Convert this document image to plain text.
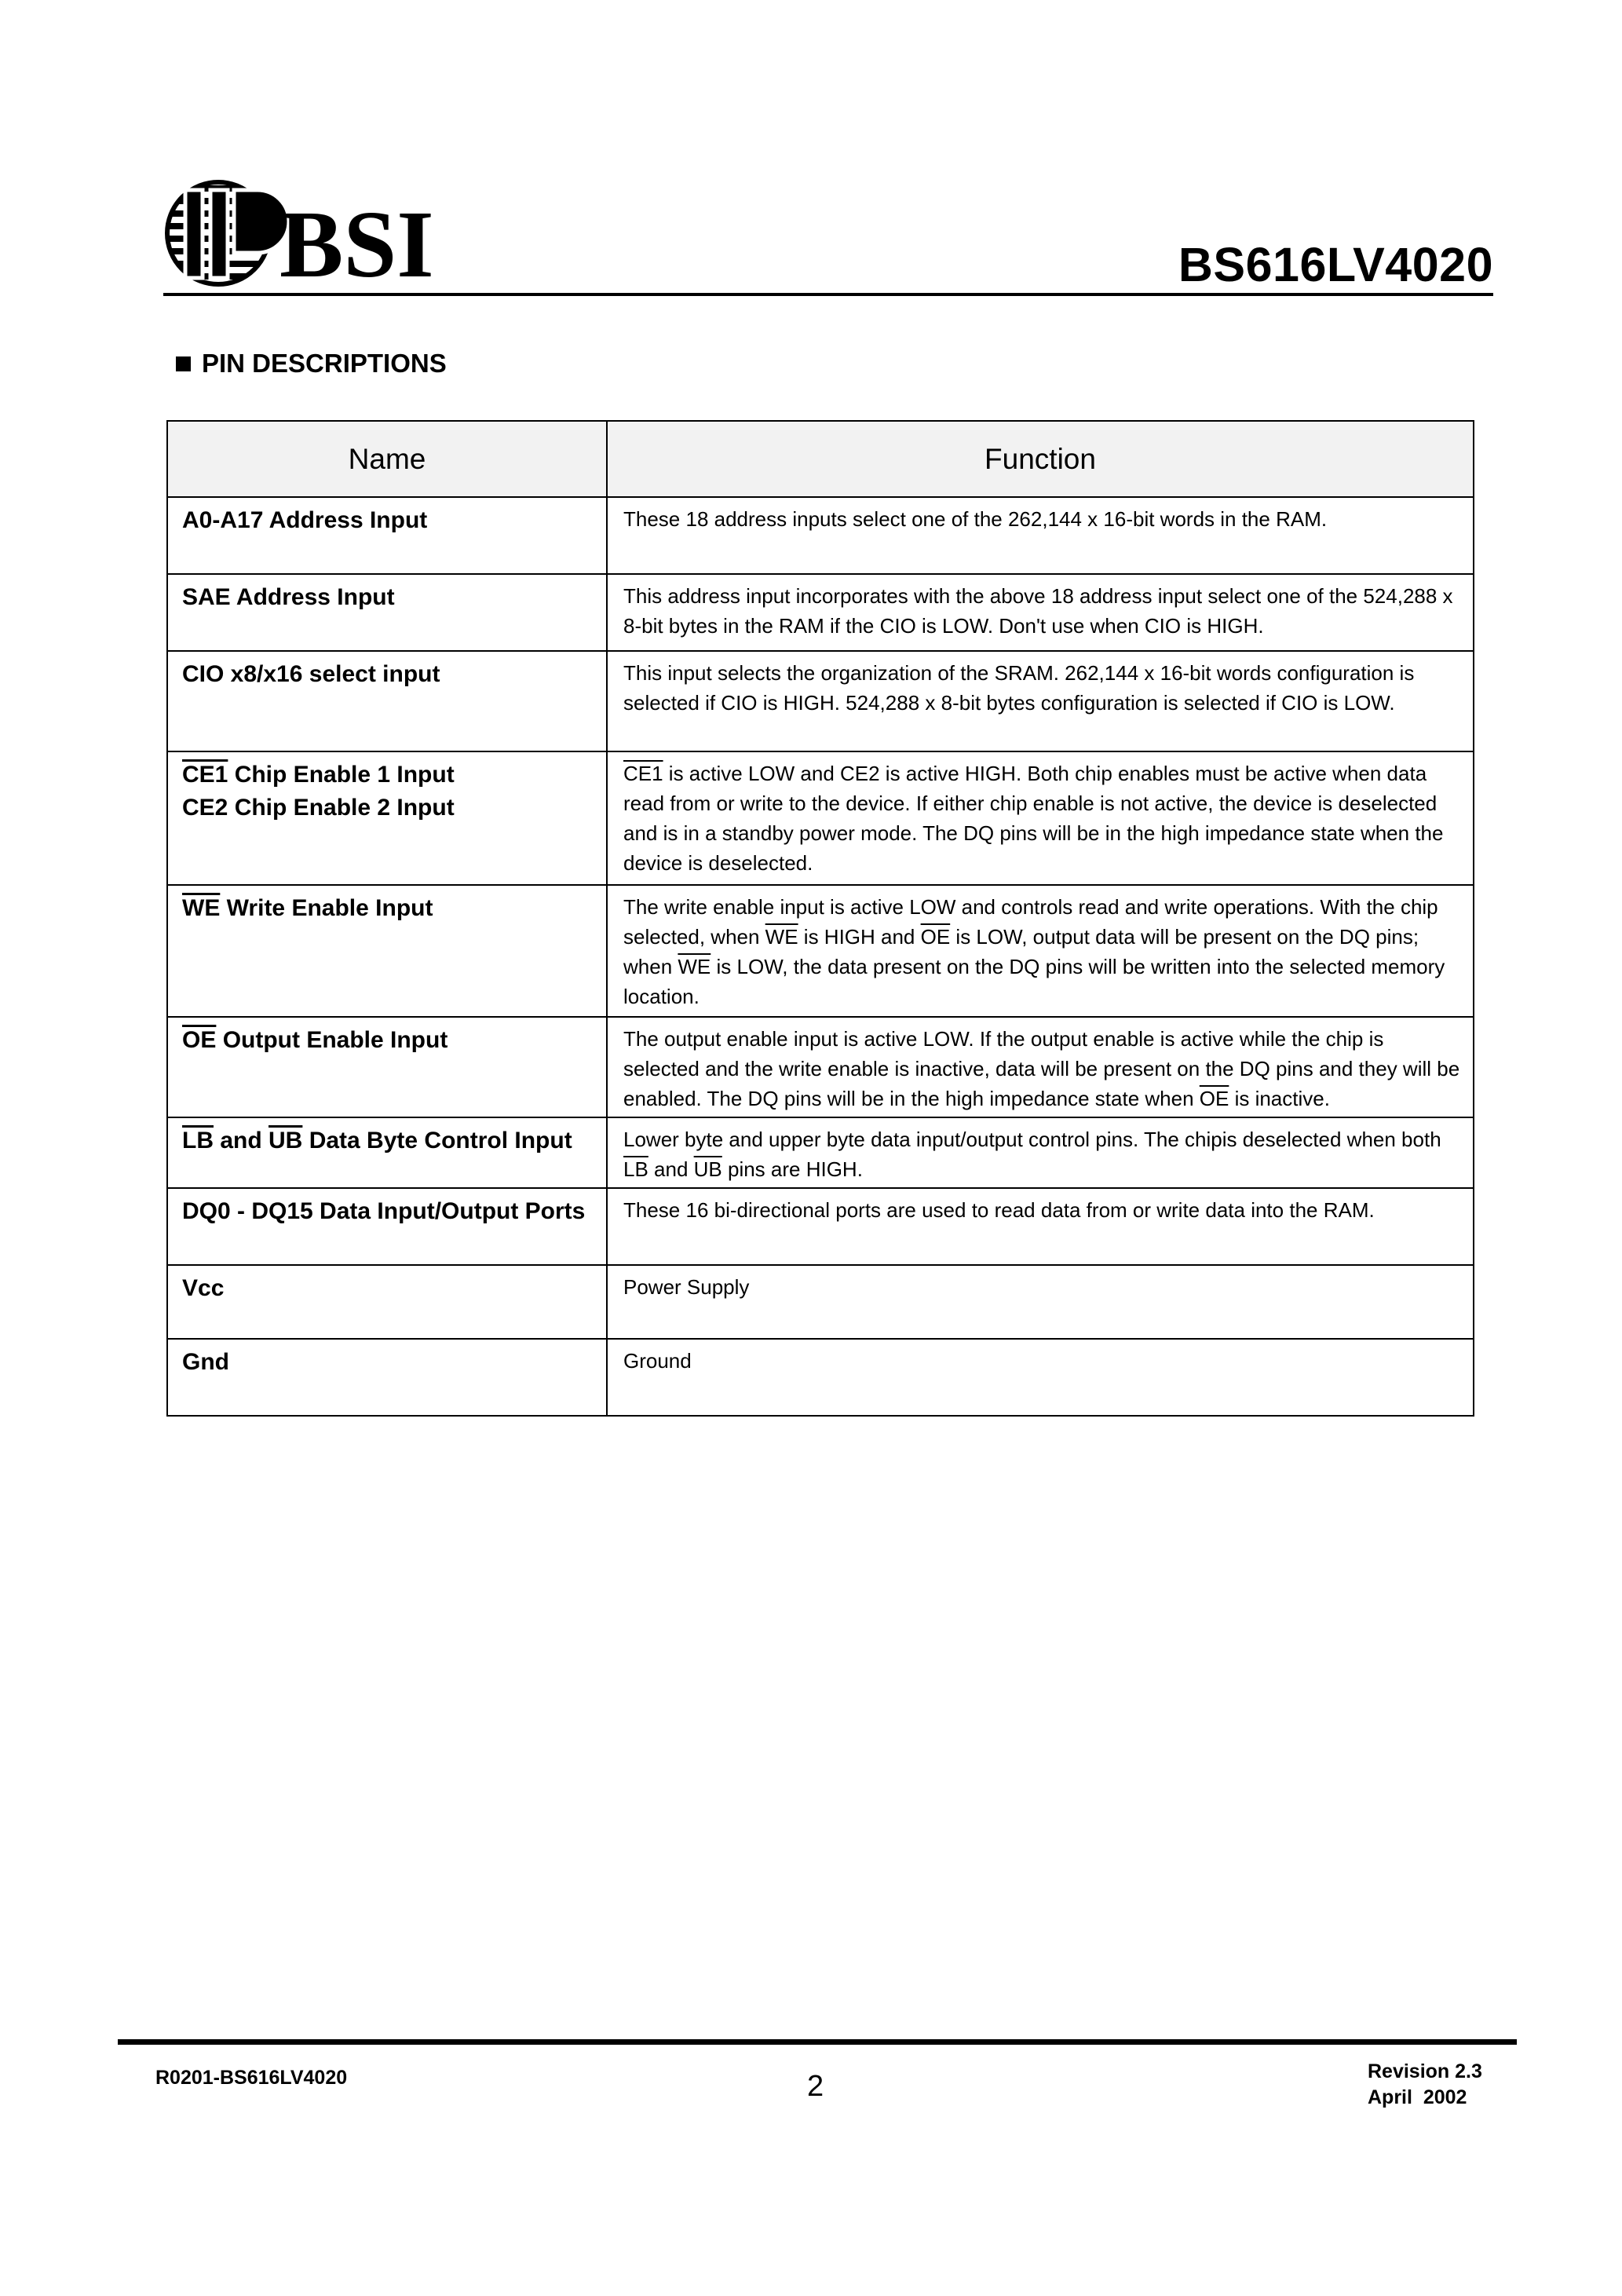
BSI	BS616LV4020
PIN DESCRIPTIONS
Name	Function
A0-A17 Address Input	These 18 address inputs select one of the 262,144 x 16-bit words in the RAM.
SAE Address Input	This address input incorporates with the above 18 address input select one of the 524,288 x 8-bit bytes in the RAM if the CIO is LOW. Don't use when CIO is HIGH.
CIO x8/x16 select input	This input selects the organization of the SRAM. 262,144 x 16-bit words configuration is selected if CIO is HIGH. 524,288 x 8-bit bytes configuration is selected if CIO is LOW.
CE1 Chip Enable 1 Input
CE2 Chip Enable 2 Input	CE1 is active LOW and CE2 is active HIGH. Both chip enables must be active when data read from or write to the device. If either chip enable is not active, the device is deselected and is in a standby power mode. The DQ pins will be in the high impedance state when the device is deselected.
$\overline{WE}$ Write Enable Input	The write enable input is active LOW and controls read and write operations. With the chip selected, when $\overline{WE}$ is HIGH and $\overline{OE}$ is LOW, output data will be present on the DQ pins; when $\overline{WE}$ is LOW, the data present on the DQ pins will be written into the selected memory location.
$\overline{OE}$ Output Enable Input	The output enable input is active LOW. If the output enable is active while the chip is selected and the write enable is inactive, data will be present on the DQ pins and they will be enabled. The DQ pins will be in the high impedance state when $\overline{OE}$ is inactive.
$\overline{LB}$ and $\overline{UB}$ Data Byte Control Input	Lower byte and upper byte data input/output control pins. The chipis deselected when both $\overline{LB}$ and $\overline{UB}$ pins are HIGH.
DQ0 - DQ15 Data Input/Output Ports	These 16 bi-directional ports are used to read data from or write data into the RAM.
Vcc	Power Supply
Gnd	Ground
R0201-BS616LV4020	2	Revision 2.3
April  2002
